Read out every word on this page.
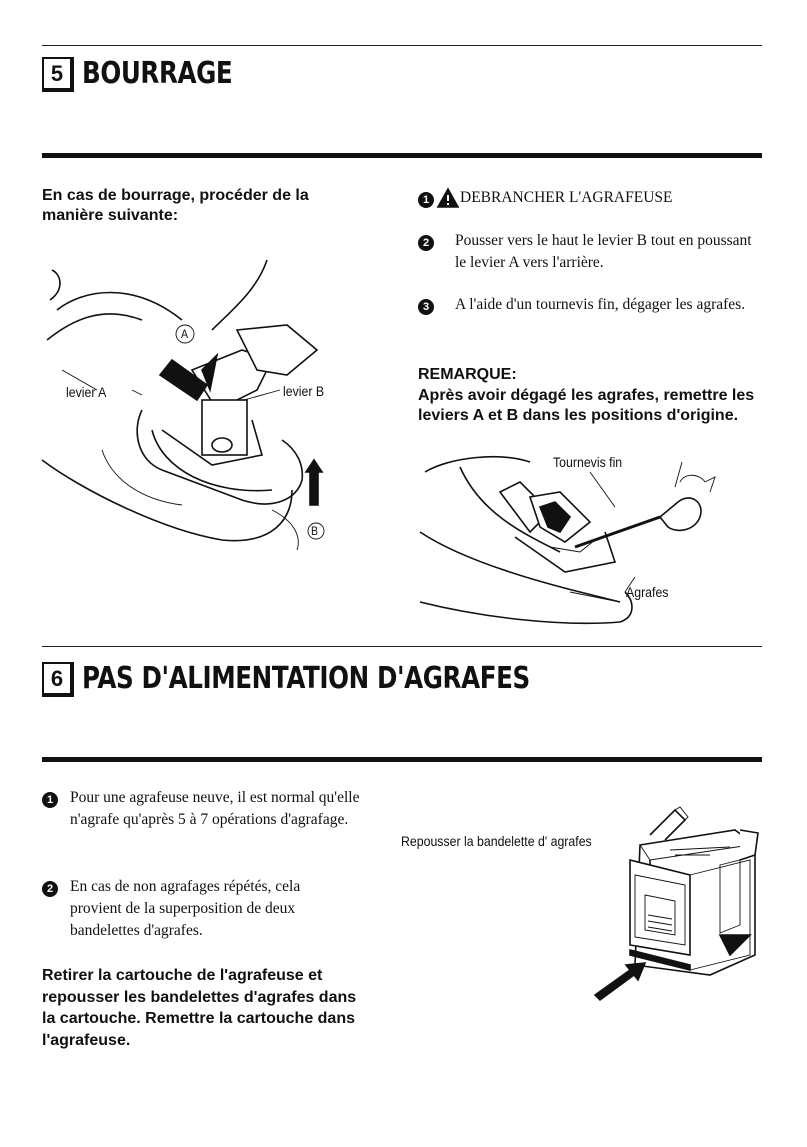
5 BOURRAGE
En cas de bourrage, procéder de la manière suivante:
A
B
levier A	levier B
1	DEBRANCHER L'AGRAFEUSE
2	Pousser vers le haut le levier B tout en poussant le levier A vers l'arrière.
3	A l'aide d'un tournevis fin, dégager les agrafes.
REMARQUE:
Après avoir dégagé les agrafes, remettre les leviers A et B dans les positions d'origine.
Tournevis fin
Agrafes
6 PAS D'ALIMENTATION D'AGRAFES
1	Pour une agrafeuse neuve, il est normal qu'elle n'agrafe qu'après 5 à 7 opérations d'agrafage.
2	En cas de non agrafages répétés, cela provient de la superposition de deux bandelettes d'agrafes.
Retirer la cartouche de l'agrafeuse et repousser les bandelettes d'agrafes dans la cartouche. Remettre la cartouche dans l'agrafeuse.
Repousser la bandelette d' agrafes
